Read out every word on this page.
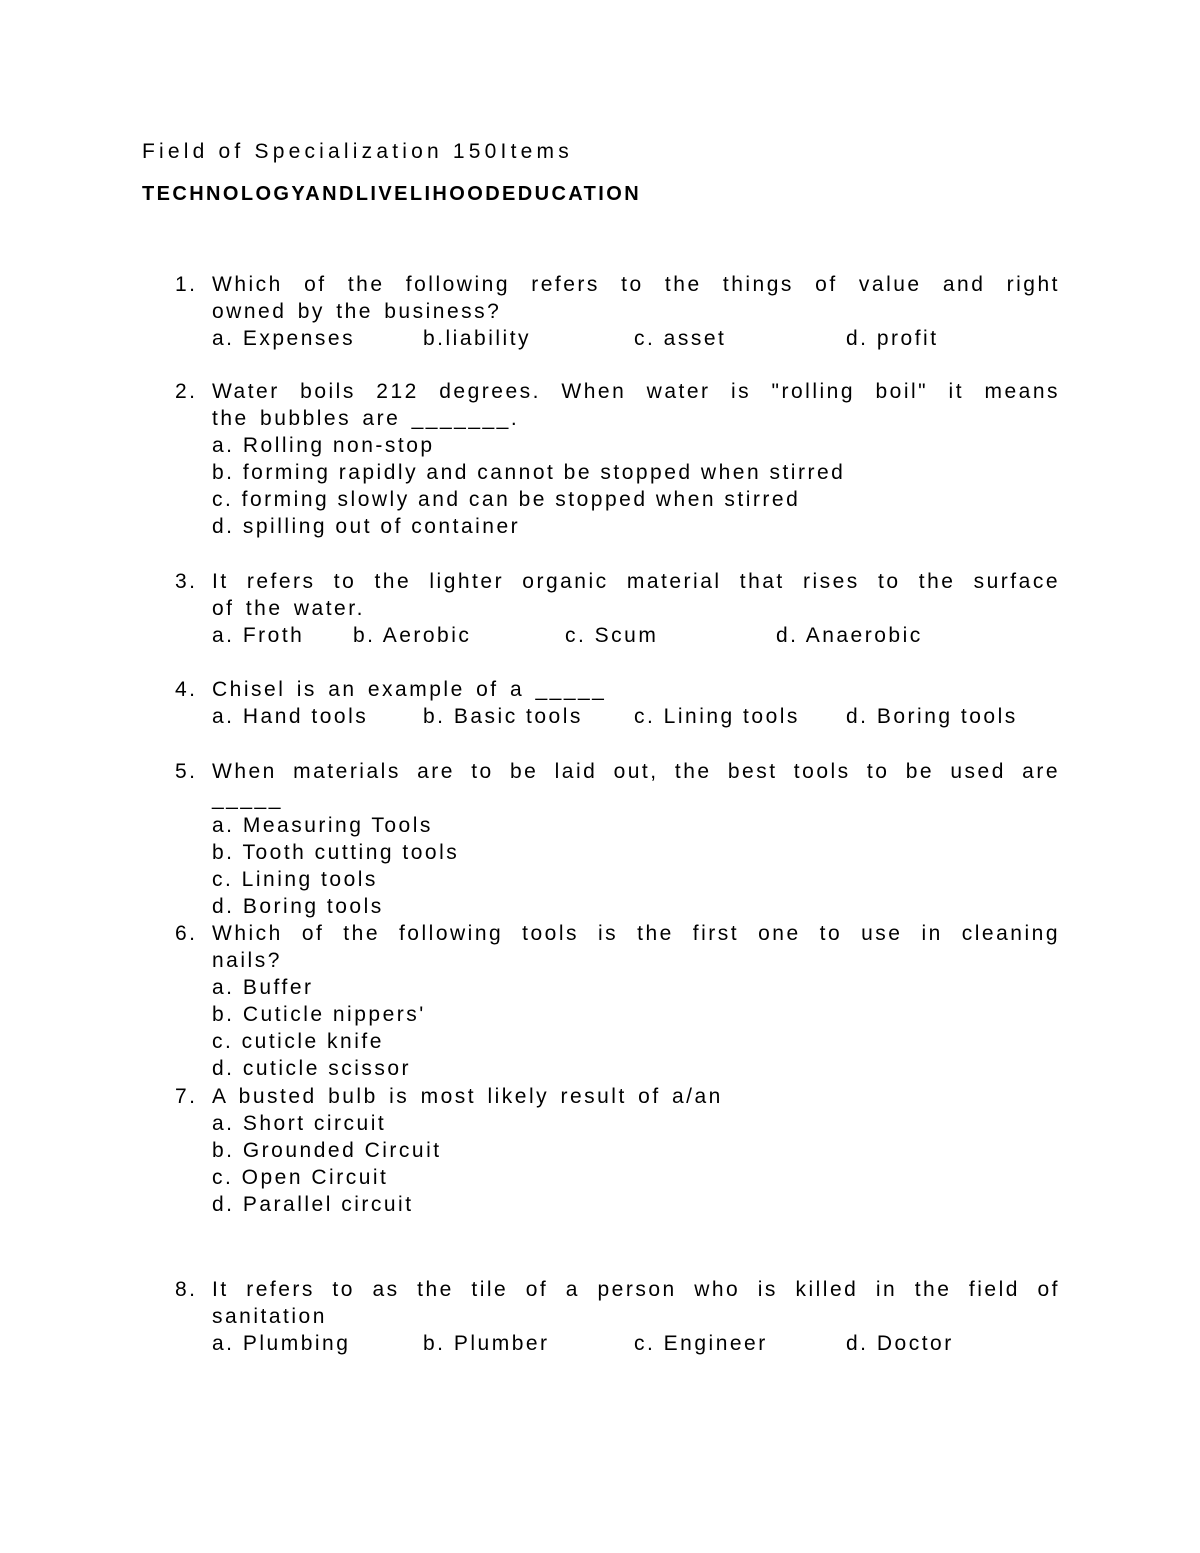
Field of Specialization 150Items
TECHNOLOGYANDLIVELIHOODEDUCATION
1. Which of the following refers to the things of value and right
owned by the business?
a. Expenses	b.liability	c. asset	d. profit
2. Water boils 212 degrees. When water is "rolling boil" it means
the bubbles are _______.
a. Rolling non-stop
b. forming rapidly and cannot be stopped when stirred
c. forming slowly and can be stopped when stirred
d. spilling out of container
3. It refers to the lighter organic material that rises to the surface
of the water.
a. Froth b. Aerobic	c. Scum	d. Anaerobic
4. Chisel is an example of a _____
a. Hand tools	b. Basic tools c. Lining tools d. Boring tools
5. When materials are to be laid out, the best tools to be used are
_____
a. Measuring Tools
b. Tooth cutting tools
c. Lining tools
d. Boring tools
6. Which of the following tools is the first one to use in cleaning
nails?
a. Buffer
b. Cuticle nippers'
c. cuticle knife
d. cuticle scissor
7. A busted bulb is most likely result of a/an
a. Short circuit
b. Grounded Circuit
c. Open Circuit
d. Parallel circuit
8. It refers to as the tile of a person who is killed in the field of
sanitation
a. Plumbing	b. Plumber	c. Engineer	d. Doctor
